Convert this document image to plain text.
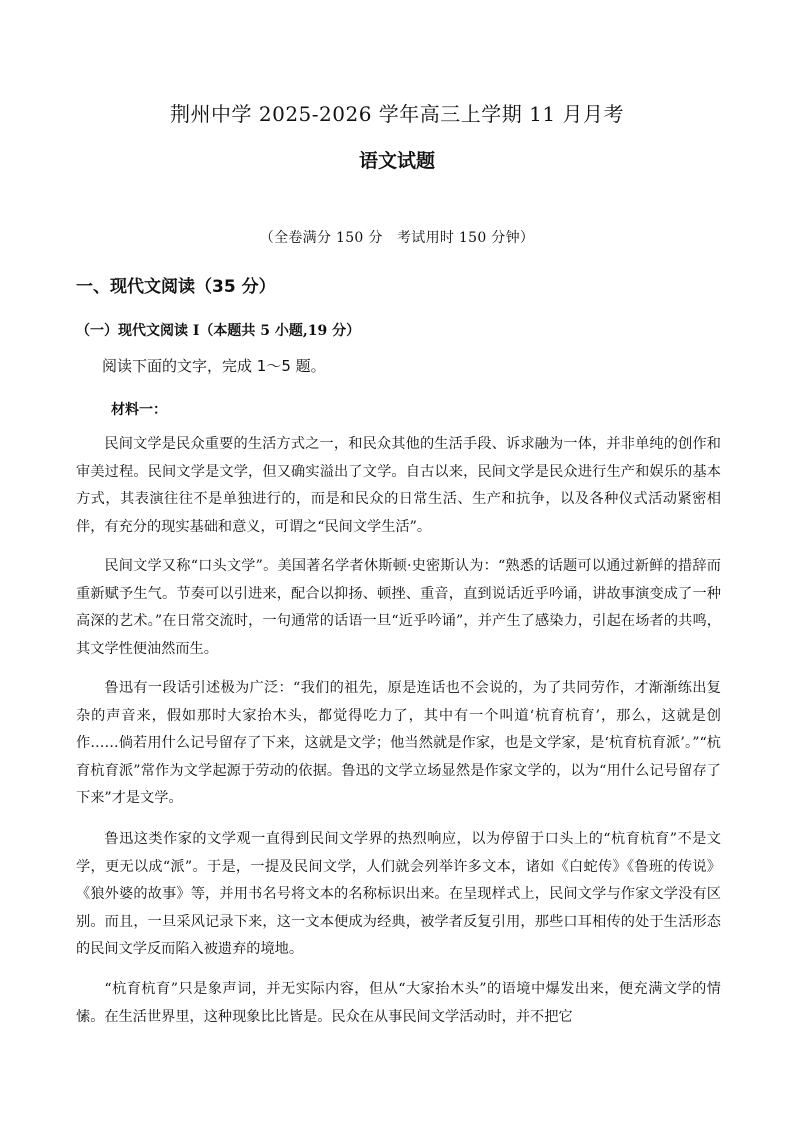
荆州中学 2025-2026 学年高三上学期 11 月月考
语文试题
（全卷满分 150 分　考试用时 150 分钟）
一、现代文阅读（35 分）
（一）现代文阅读 I（本题共 5 小题,19 分）
阅读下面的文字，完成 1～5 题。
材料一：

民间文学是民众重要的生活方式之一，和民众其他的生活手段、诉求融为一体，并非单纯的创作和审美过程。民间文学是文学，但又确实溢出了文学。自古以来，民间文学是民众进行生产和娱乐的基本方式，其表演往往不是单独进行的，而是和民众的日常生活、生产和抗争，以及各种仪式活动紧密相伴，有充分的现实基础和意义，可谓之“民间文学生活”。

民间文学又称“口头文学”。美国著名学者休斯顿·史密斯认为：“熟悉的话题可以通过新鲜的措辞而重新赋予生气。节奏可以引进来，配合以抑扬、顿挫、重音，直到说话近乎吟诵，讲故事演变成了一种高深的艺术。”在日常交流时，一句通常的话语一旦“近乎吟诵”，并产生了感染力，引起在场者的共鸣，其文学性便油然而生。

鲁迅有一段话引述极为广泛：“我们的祖先，原是连话也不会说的，为了共同劳作，才渐渐练出复杂的声音来，假如那时大家抬木头，都觉得吃力了，其中有一个叫道‘杭育杭育’，那么，这就是创作……倘若用什么记号留存了下来，这就是文学；他当然就是作家，也是文学家，是‘杭育杭育派’。”“杭育杭育派”常作为文学起源于劳动的依据。鲁迅的文学立场显然是作家文学的，以为“用什么记号留存了下来”才是文学。

鲁迅这类作家的文学观一直得到民间文学界的热烈响应，以为停留于口头上的“杭育杭育”不是文学，更无以成“派”。于是，一提及民间文学，人们就会列举许多文本，诸如《白蛇传》《鲁班的传说》《狼外婆的故事》等，并用书名号将文本的名称标识出来。在呈现样式上，民间文学与作家文学没有区别。而且，一旦采风记录下来，这一文本便成为经典，被学者反复引用，那些口耳相传的处于生活形态的民间文学反而陷入被遗弃的境地。

“杭育杭育”只是象声词，并无实际内容，但从“大家抬木头”的语境中爆发出来，便充满文学的情愫。在生活世界里，这种现象比比皆是。民众在从事民间文学活动时，并不把它
